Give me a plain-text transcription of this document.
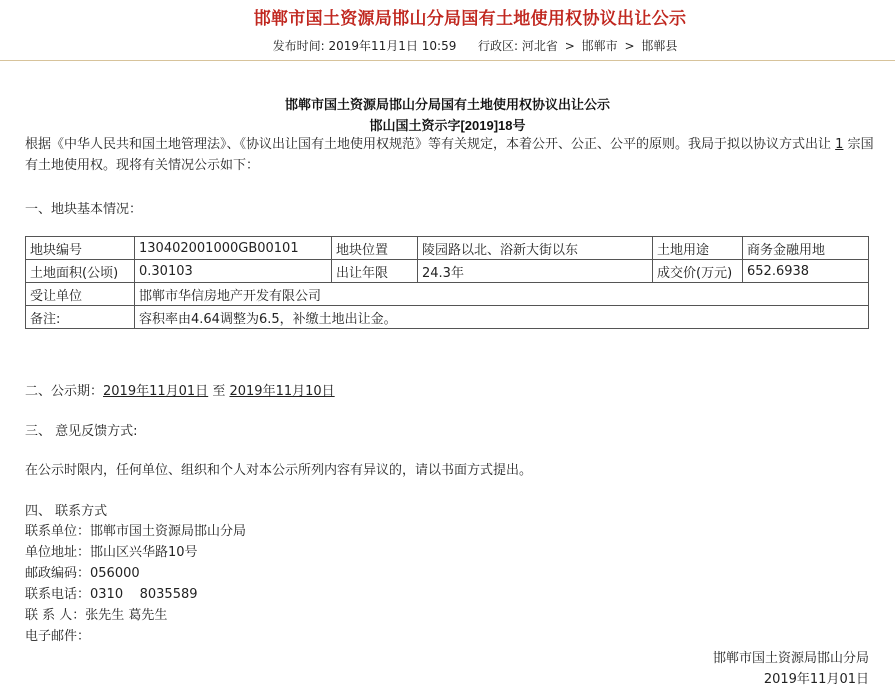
邯郸市国土资源局邯山分局国有土地使用权协议出让公示
发布时间: 2019年11月1日 10:59 行政区: 河北省 > 邯郸市 > 邯郸县
邯郸市国土资源局邯山分局国有土地使用权协议出让公示
邯山国土资示字[2019]18号
根据《中华人民共和国土地管理法》、《协议出让国有土地使用权规范》等有关规定，本着公开、公正、公平的原则。我局于拟以协议方式出让 1 宗国有土地使用权。现将有关情况公示如下：
一、地块基本情况：
地块编号	130402001000GB00101	地块位置	陵园路以北、浴新大街以东	土地用途	商务金融用地
土地面积(公顷)	0.30103	出让年限	24.3年	成交价(万元)	652.6938
受让单位	邯郸市华信房地产开发有限公司				
备注:	容积率由4.64调整为6.5，补缴土地出让金。				
二、公示期：2019年11月01日 至 2019年11月10日
三、 意见反馈方式:
在公示时限内，任何单位、组织和个人对本公示所列内容有异议的，请以书面方式提出。
四、 联系方式
联系单位：邯郸市国土资源局邯山分局
单位地址：邯山区兴华路10号
邮政编码：056000
联系电话：0310    8035589
联 系 人：张先生 葛先生
电子邮件：
邯郸市国土资源局邯山分局
2019年11月01日
